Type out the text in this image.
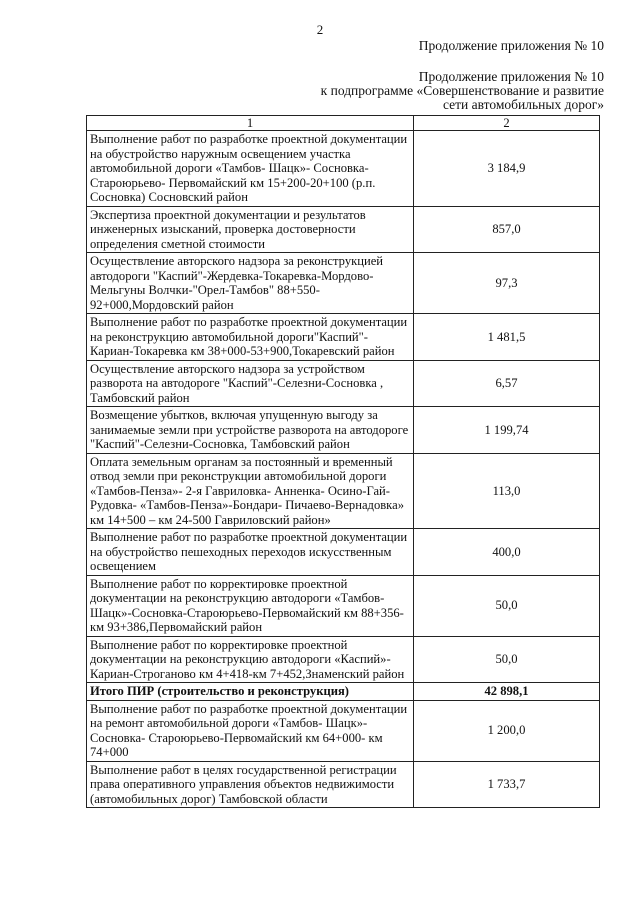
2
Продолжение приложения № 10
Продолжение приложения № 10
к подпрограмме «Совершенствование и развитие
сети автомобильных дорог»
1	2
Выполнение работ по разработке проектной документации на обустройство наружным освещением участка автомобильной дороги «Тамбов- Шацк»- Сосновка- Староюрьево- Первомайский км 15+200-20+100 (р.п. Сосновка) Сосновский район	3 184,9
Экспертиза проектной документации и результатов инженерных изысканий, проверка достоверности определения сметной стоимости	857,0
Осуществление авторского надзора за реконструкцией автодороги "Каспий"-Жердевка-Токаревка-Мордово-Мельгуны Волчки-"Орел-Тамбов" 88+550-92+000,Мордовский район	97,3
Выполнение работ по разработке проектной документации на реконструкцию автомобильной дороги"Каспий"-Кариан-Токаревка км 38+000-53+900,Токаревский район	1 481,5
Осуществление авторского надзора за устройством разворота на автодороге "Каспий"-Селезни-Сосновка , Тамбовский район	6,57
Возмещение убытков, включая упущенную выгоду за занимаемые земли при устройстве разворота на автодороге "Каспий"-Селезни-Сосновка, Тамбовский район	1 199,74
Оплата земельным органам за постоянный и временный отвод земли при реконструкции автомобильной дороги «Тамбов-Пенза»- 2-я Гавриловка- Анненка- Осино-Гай-Рудовка- «Тамбов-Пенза»-Бондари- Пичаево-Вернадовка» км 14+500 – км 24-500 Гавриловский район»	113,0
Выполнение работ по разработке проектной документации на обустройство пешеходных переходов искусственным освещением	400,0
Выполнение работ по корректировке проектной документации на реконструкцию автодороги «Тамбов-Шацк»-Сосновка-Староюрьево-Первомайский км 88+356-км 93+386,Первомайский район	50,0
Выполнение работ по корректировке проектной документации на реконструкцию автодороги «Каспий»-Кариан-Строганово км 4+418-км 7+452,Знаменский район	50,0
Итого ПИР (строительство и реконструкция)	42 898,1
Выполнение работ по разработке проектной документации на ремонт автомобильной дороги «Тамбов- Шацк»- Сосновка- Староюрьево-Первомайский км 64+000- км 74+000	1 200,0
Выполнение работ в целях государственной регистрации права оперативного управления объектов недвижимости (автомобильных дорог) Тамбовской области	1 733,7
